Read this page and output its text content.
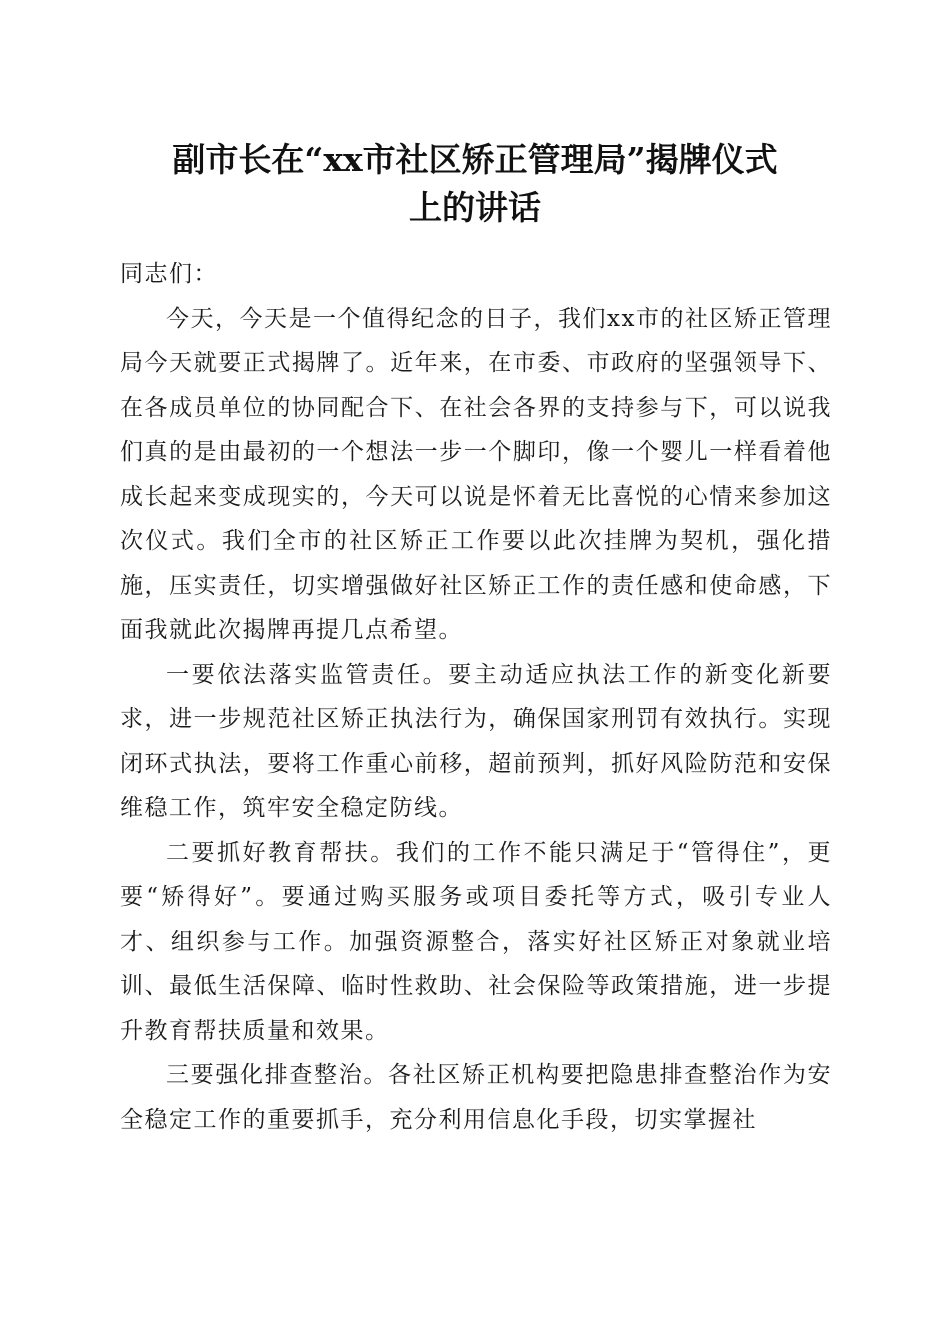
副市长在“xx市社区矫正管理局”揭牌仪式
上的讲话

同志们：

今天，今天是一个值得纪念的日子，我们xx市的社区矫正管理局今天就要正式揭牌了。近年来，在市委、市政府的坚强领导下、在各成员单位的协同配合下、在社会各界的支持参与下，可以说我们真的是由最初的一个想法一步一个脚印，像一个婴儿一样看着他成长起来变成现实的，今天可以说是怀着无比喜悦的心情来参加这次仪式。我们全市的社区矫正工作要以此次挂牌为契机，强化措施，压实责任，切实增强做好社区矫正工作的责任感和使命感，下面我就此次揭牌再提几点希望。

一要依法落实监管责任。要主动适应执法工作的新变化新要求，进一步规范社区矫正执法行为，确保国家刑罚有效执行。实现闭环式执法，要将工作重心前移，超前预判，抓好风险防范和安保维稳工作，筑牢安全稳定防线。

二要抓好教育帮扶。我们的工作不能只满足于“管得住”，更要“矫得好”。要通过购买服务或项目委托等方式，吸引专业人才、组织参与工作。加强资源整合，落实好社区矫正对象就业培训、最低生活保障、临时性救助、社会保险等政策措施，进一步提升教育帮扶质量和效果。

三要强化排查整治。各社区矫正机构要把隐患排查整治作为安全稳定工作的重要抓手，充分利用信息化手段，切实掌握社
